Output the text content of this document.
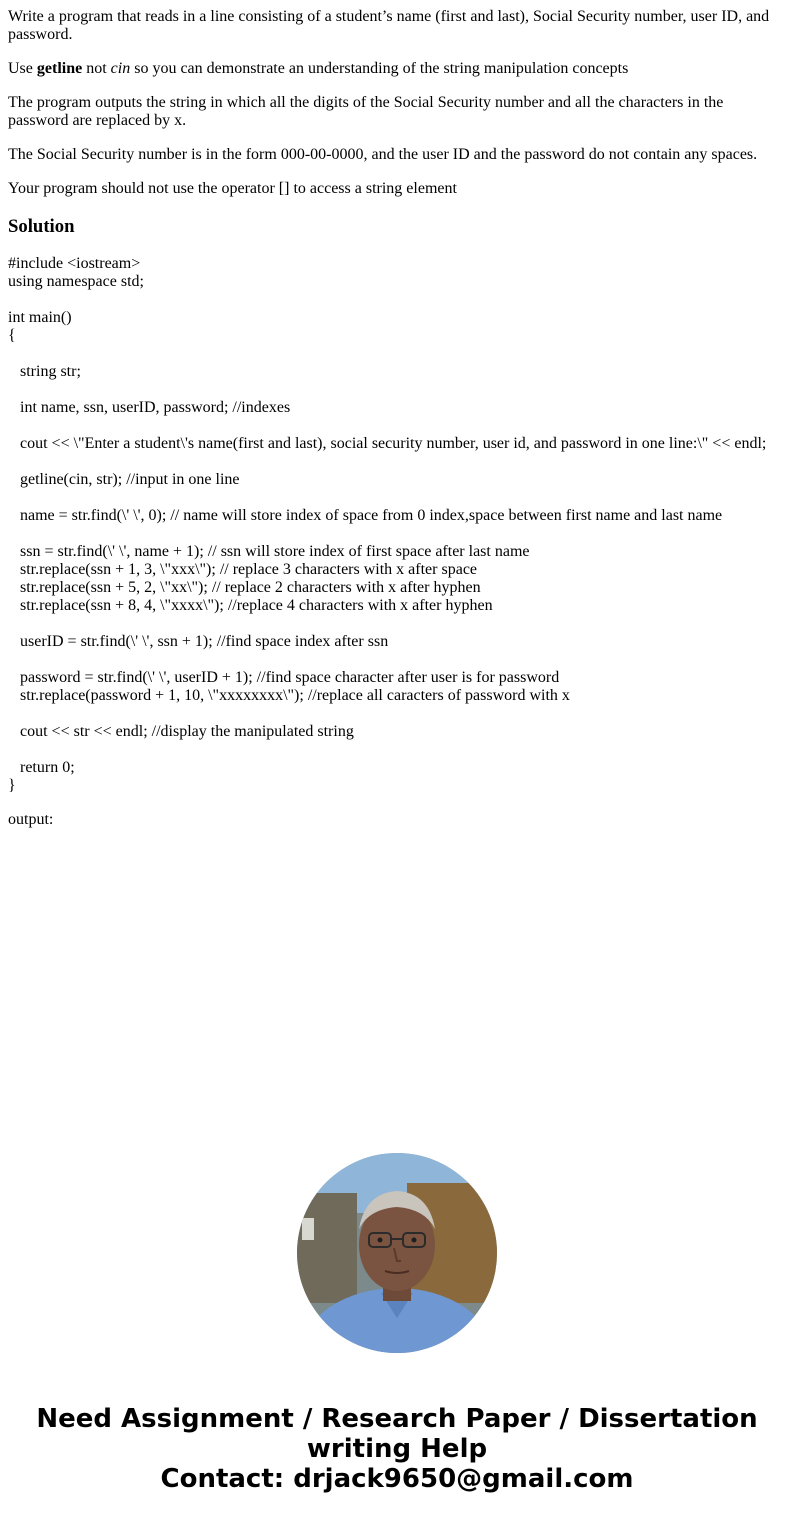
Write a program that reads in a line consisting of a student’s name (first and last), Social Security number, user ID, and password.

Use getline not cin so you can demonstrate an understanding of the string manipulation concepts

The program outputs the string in which all the digits of the Social Security number and all the characters in the password are replaced by x.

The Social Security number is in the form 000-00-0000, and the user ID and the password do not contain any spaces.

Your program should not use the operator [] to access a string element

Solution
#include <iostream>
using namespace std;
int main()
{
string str;
int name, ssn, userID, password; //indexes
cout << \"Enter a student\'s name(first and last), social security number, user id, and password in one line:\" << endl;
getline(cin, str); //input in one line
name = str.find(\' \', 0); // name will store index of space from 0 index,space between first name and last name
ssn = str.find(\' \', name + 1); // ssn will store index of first space after last name
str.replace(ssn + 1, 3, \"xxx\"); // replace 3 characters with x after space
str.replace(ssn + 5, 2, \"xx\"); // replace 2 characters with x after hyphen
str.replace(ssn + 8, 4, \"xxxx\"); //replace 4 characters with x after hyphen
userID = str.find(\' \', ssn + 1); //find space index after ssn
password = str.find(\' \', userID + 1); //find space character after user is for password
str.replace(password + 1, 10, \"xxxxxxxx\"); //replace all caracters of password with x
cout << str << endl; //display the manipulated string
return 0;
}
output:
Need Assignment / Research Paper / Dissertation
writing Help
Contact: drjack9650@gmail.com
